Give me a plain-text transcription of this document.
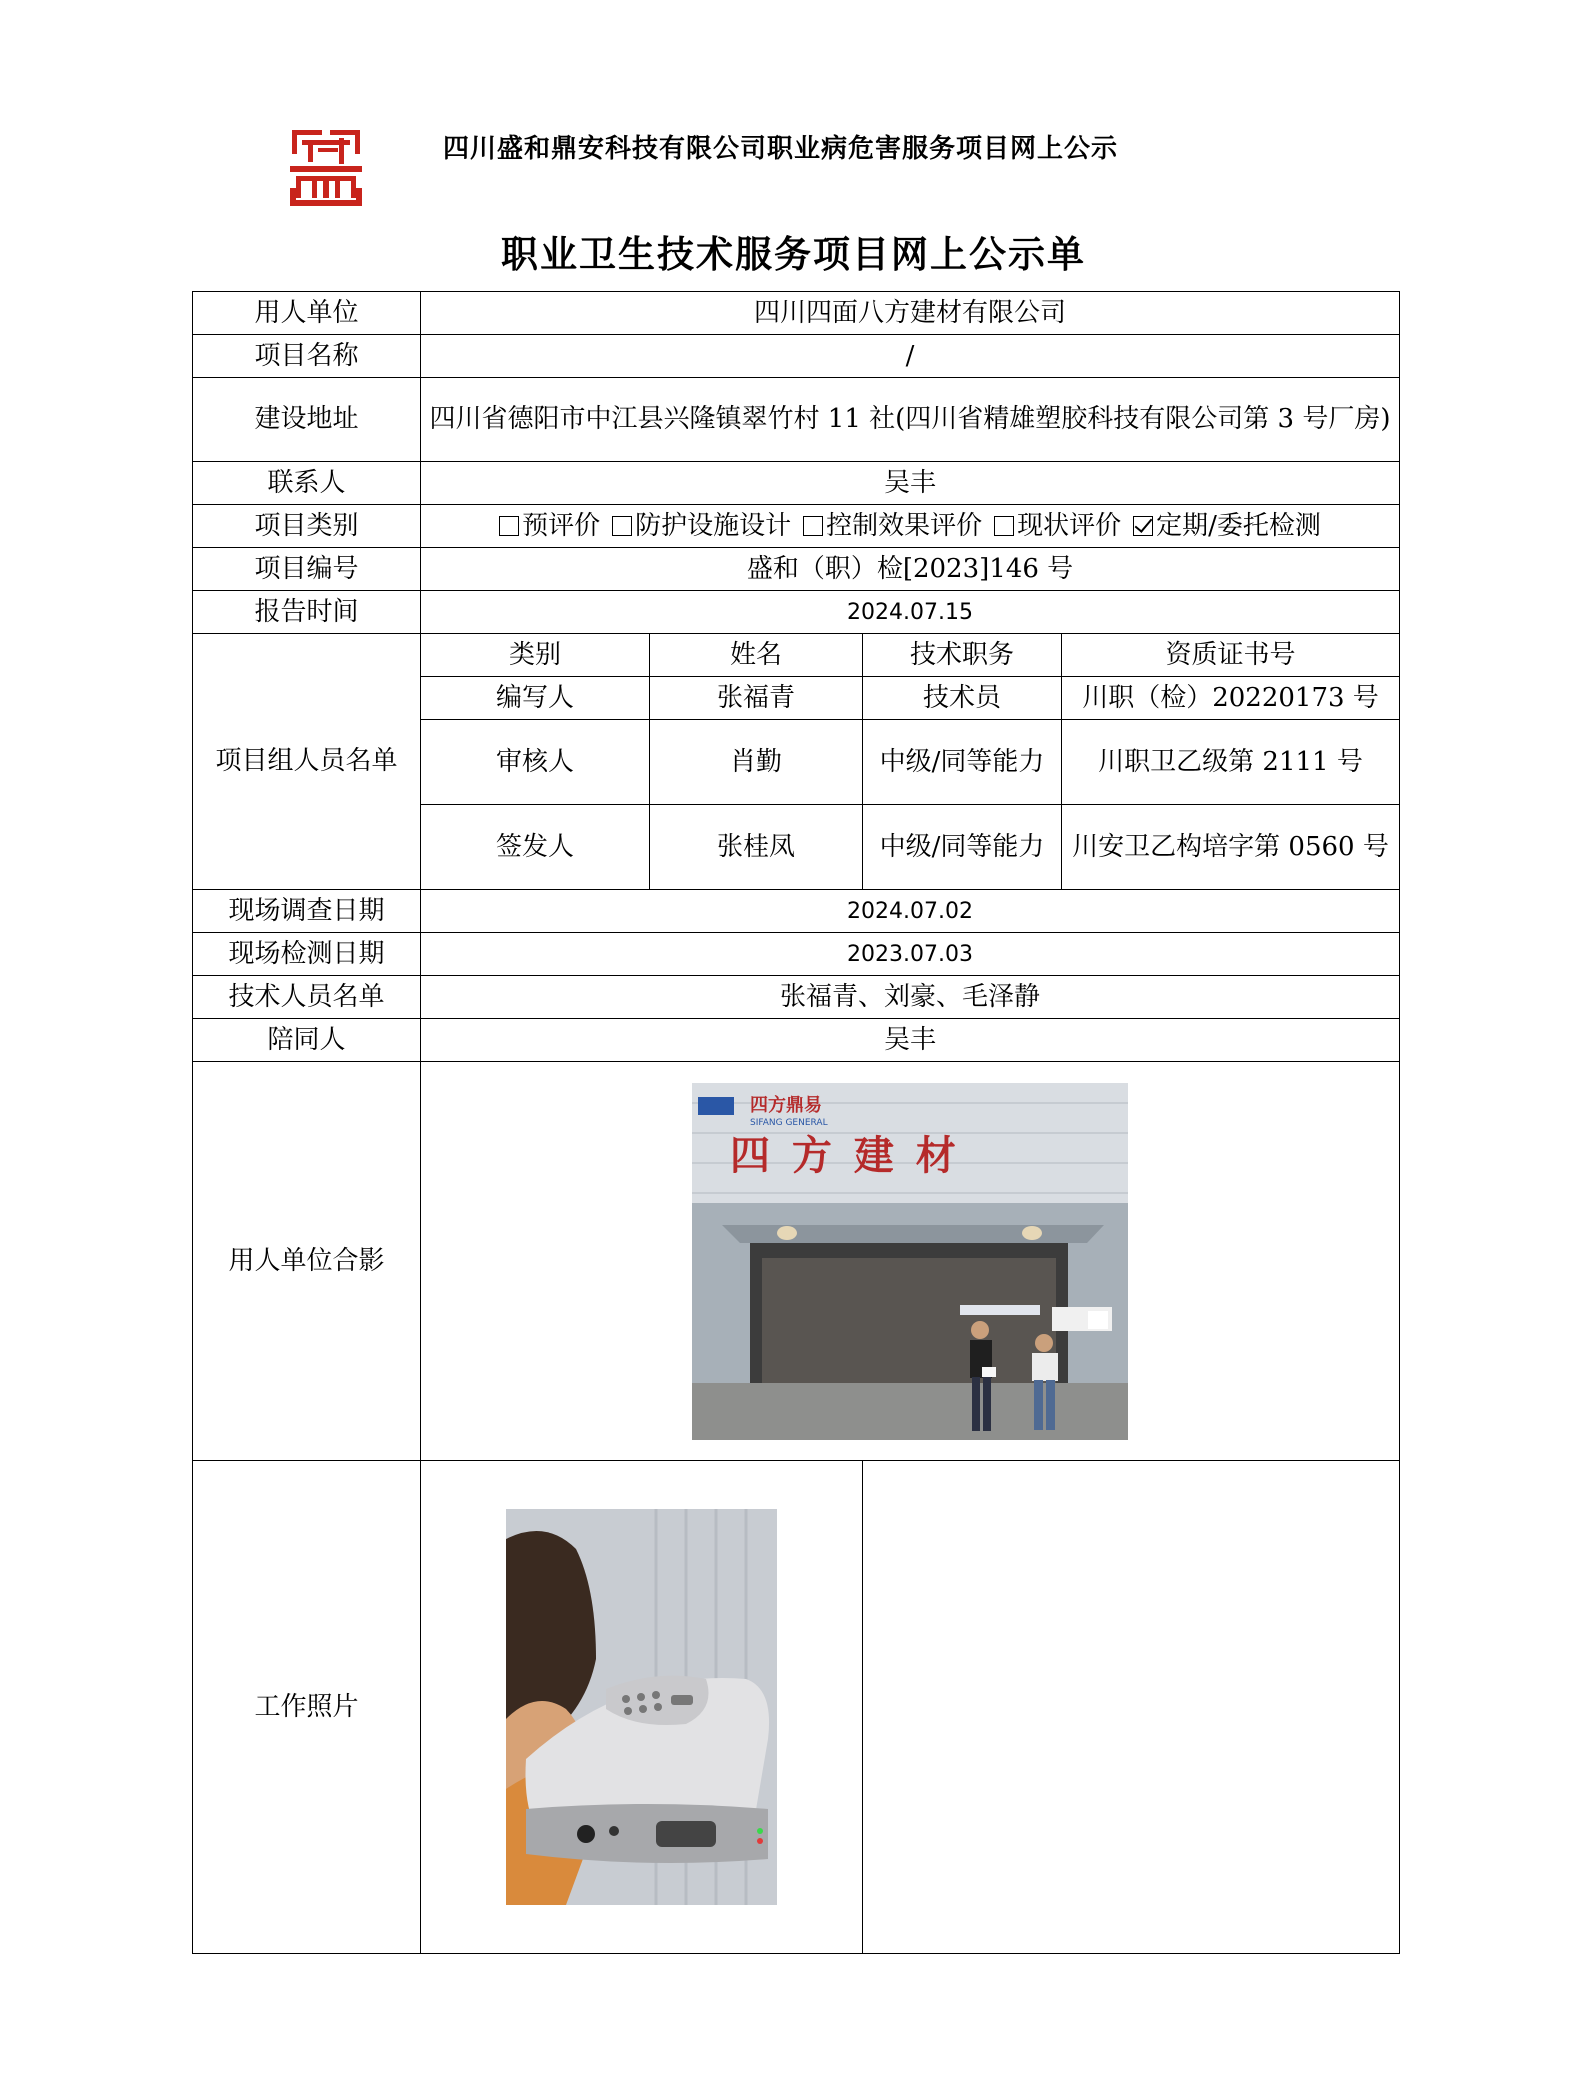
四川盛和鼎安科技有限公司职业病危害服务项目网上公示
职业卫生技术服务项目网上公示单
用人单位	四川四面八方建材有限公司			
项目名称	/			
建设地址	四川省德阳市中江县兴隆镇翠竹村 11 社(四川省精雄塑胶科技有限公司第 3 号厂房)			
联系人	吴丰			
项目类别	预评价 防护设施设计 控制效果评价 现状评价 定期/委托检测			
项目编号	盛和（职）检[2023]146 号			
报告时间	2024.07.15			
项目组人员名单	类别	姓名	技术职务	资质证书号
	编写人	张福青	技术员	川职（检）20220173 号
	审核人	肖勤	中级/同等能力	川职卫乙级第 2111 号
	签发人	张桂凤	中级/同等能力	川安卫乙构培字第 0560 号
现场调查日期	2024.07.02			
现场检测日期	2023.07.03			
技术人员名单	张福青、刘豪、毛泽静			
陪同人	吴丰			
用人单位合影	四方鼎易
SIFANG GENERAL
四 方 建 材			

工作照片	
